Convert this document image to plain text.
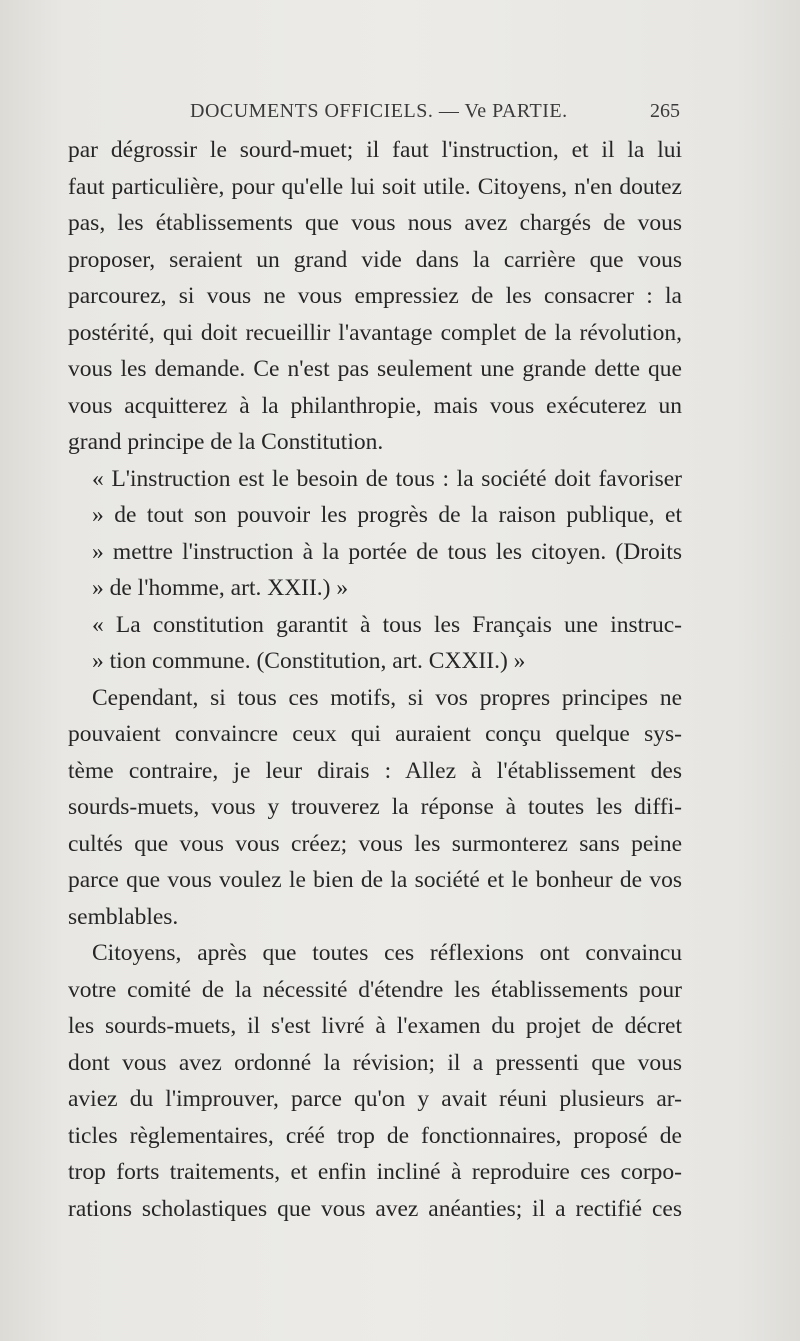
DOCUMENTS OFFICIELS. — Ve PARTIE.	265

par dégrossir le sourd-muet; il faut l'instruction, et il la lui
faut particulière, pour qu'elle lui soit utile. Citoyens, n'en doutez
pas, les établissements que vous nous avez chargés de vous
proposer, seraient un grand vide dans la carrière que vous
parcourez, si vous ne vous empressiez de les consacrer : la
postérité, qui doit recueillir l'avantage complet de la révolution,
vous les demande. Ce n'est pas seulement une grande dette que
vous acquitterez à la philanthropie, mais vous exécuterez un
grand principe de la Constitution.

« L'instruction est le besoin de tous : la société doit favoriser
» de tout son pouvoir les progrès de la raison publique, et
» mettre l'instruction à la portée de tous les citoyen. (Droits
» de l'homme, art. XXII.) »

« La constitution garantit à tous les Français une instruc-
» tion commune. (Constitution, art. CXXII.) »

Cependant, si tous ces motifs, si vos propres principes ne
pouvaient convaincre ceux qui auraient conçu quelque sys-
tème contraire, je leur dirais : Allez à l'établissement des
sourds-muets, vous y trouverez la réponse à toutes les diffi-
cultés que vous vous créez; vous les surmonterez sans peine
parce que vous voulez le bien de la société et le bonheur de vos
semblables.

Citoyens, après que toutes ces réflexions ont convaincu
votre comité de la nécessité d'étendre les établissements pour
les sourds-muets, il s'est livré à l'examen du projet de décret
dont vous avez ordonné la révision; il a pressenti que vous
aviez du l'improuver, parce qu'on y avait réuni plusieurs ar-
ticles règlementaires, créé trop de fonctionnaires, proposé de
trop forts traitements, et enfin incliné à reproduire ces corpo-
rations scholastiques que vous avez anéanties; il a rectifié ces
